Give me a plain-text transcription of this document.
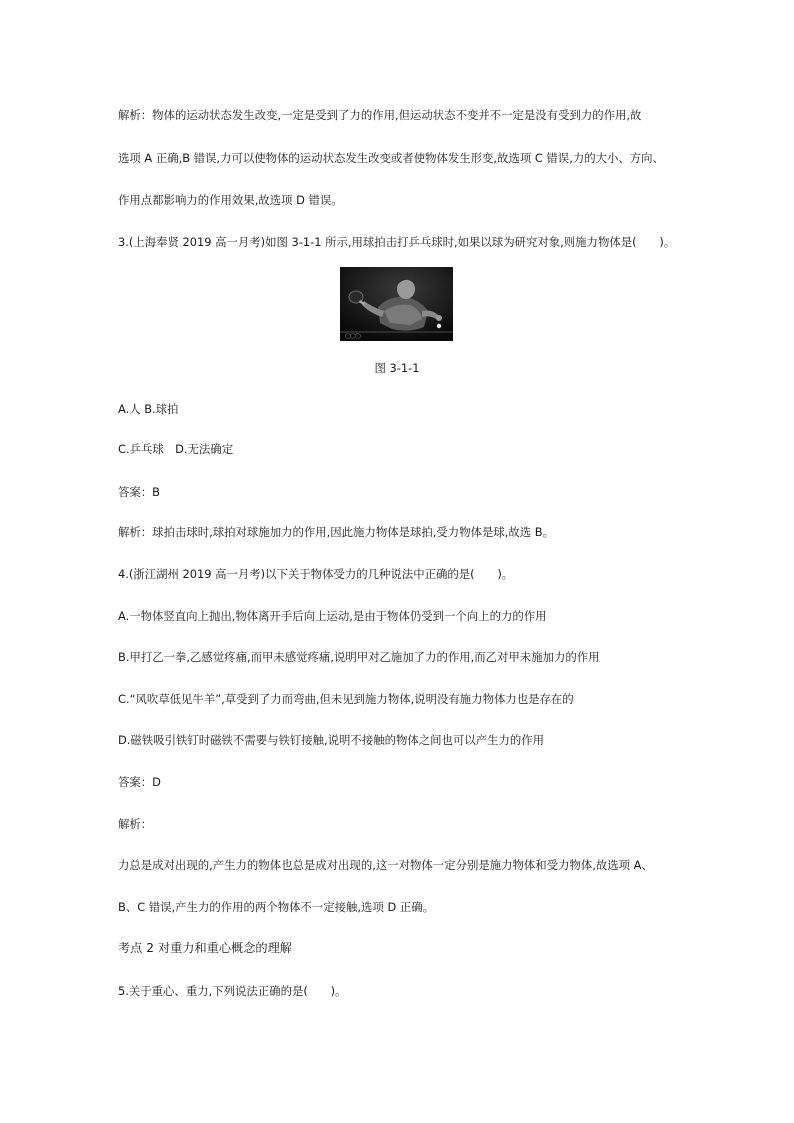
解析：物体的运动状态发生改变,一定是受到了力的作用,但运动状态不变并不一定是没有受到力的作用,故
选项 A 正确,B 错误,力可以使物体的运动状态发生改变或者使物体发生形变,故选项 C 错误,力的大小、方向、
作用点都影响力的作用效果,故选项 D 错误。
3.(上海奉贤 2019 高一月考)如图 3-1-1 所示,用球拍击打乒乓球时,如果以球为研究对象,则施力物体是(　　)。
图 3-1-1
A.人 B.球拍
C.乒乓球　D.无法确定
答案：B
解析：球拍击球时,球拍对球施加力的作用,因此施力物体是球拍,受力物体是球,故选 B。
4.(浙江湖州 2019 高一月考)以下关于物体受力的几种说法中正确的是(　　)。
A.一物体竖直向上抛出,物体离开手后向上运动,是由于物体仍受到一个向上的力的作用
B.甲打乙一拳,乙感觉疼痛,而甲未感觉疼痛,说明甲对乙施加了力的作用,而乙对甲未施加力的作用
C.“风吹草低见牛羊”,草受到了力而弯曲,但未见到施力物体,说明没有施力物体力也是存在的
D.磁铁吸引铁钉时磁铁不需要与铁钉接触,说明不接触的物体之间也可以产生力的作用
答案：D
解析：
力总是成对出现的,产生力的物体也总是成对出现的,这一对物体一定分别是施力物体和受力物体,故选项 A、
B、C 错误,产生力的作用的两个物体不一定接触,选项 D 正确。
考点 2 对重力和重心概念的理解
5.关于重心、重力,下列说法正确的是(　　)。
